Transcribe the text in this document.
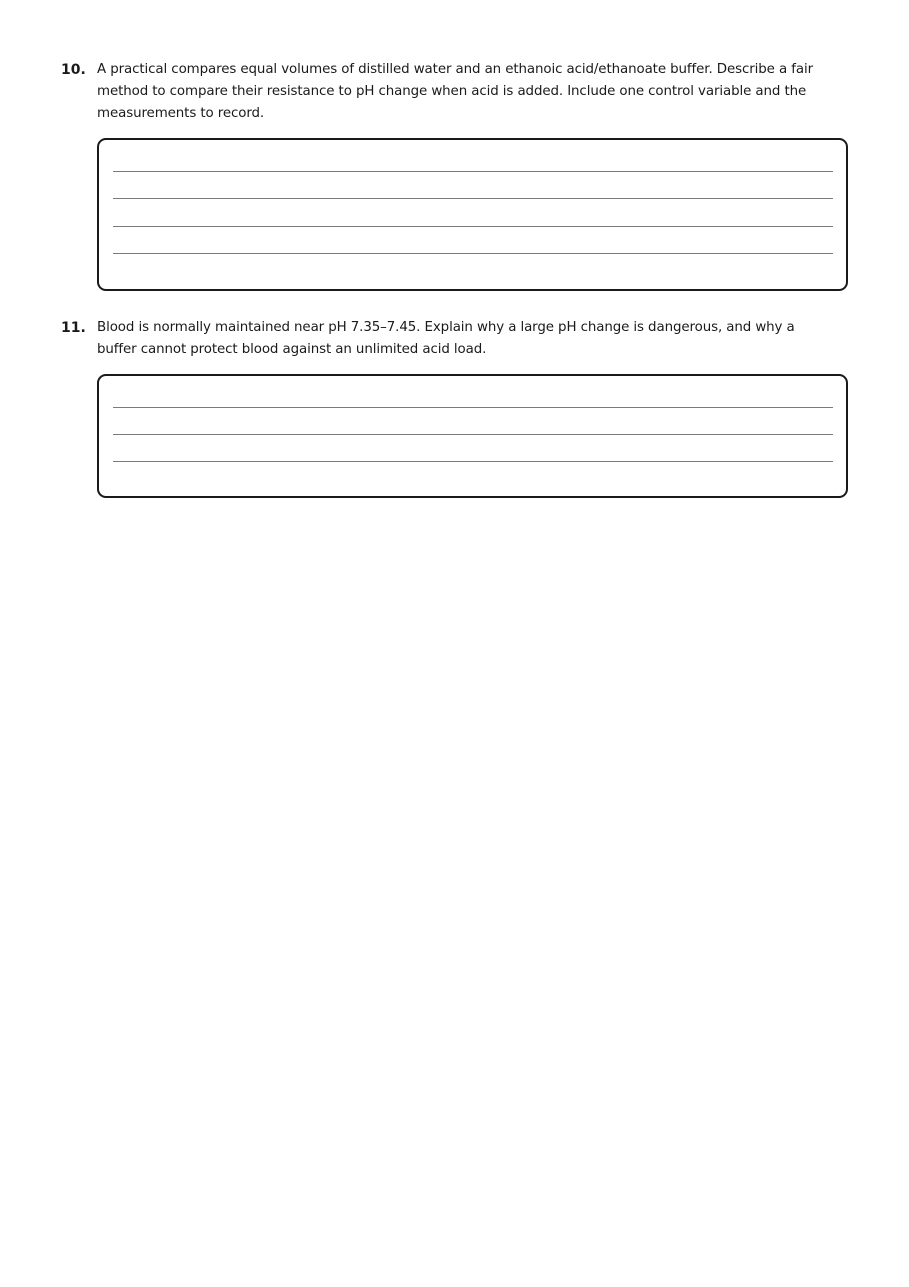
10. A practical compares equal volumes of distilled water and an ethanoic acid/ethanoate buffer. Describe a fair method to compare their resistance to pH change when acid is added. Include one control variable and the measurements to record.
11. Blood is normally maintained near pH 7.35–7.45. Explain why a large pH change is dangerous, and why a buffer cannot protect blood against an unlimited acid load.
